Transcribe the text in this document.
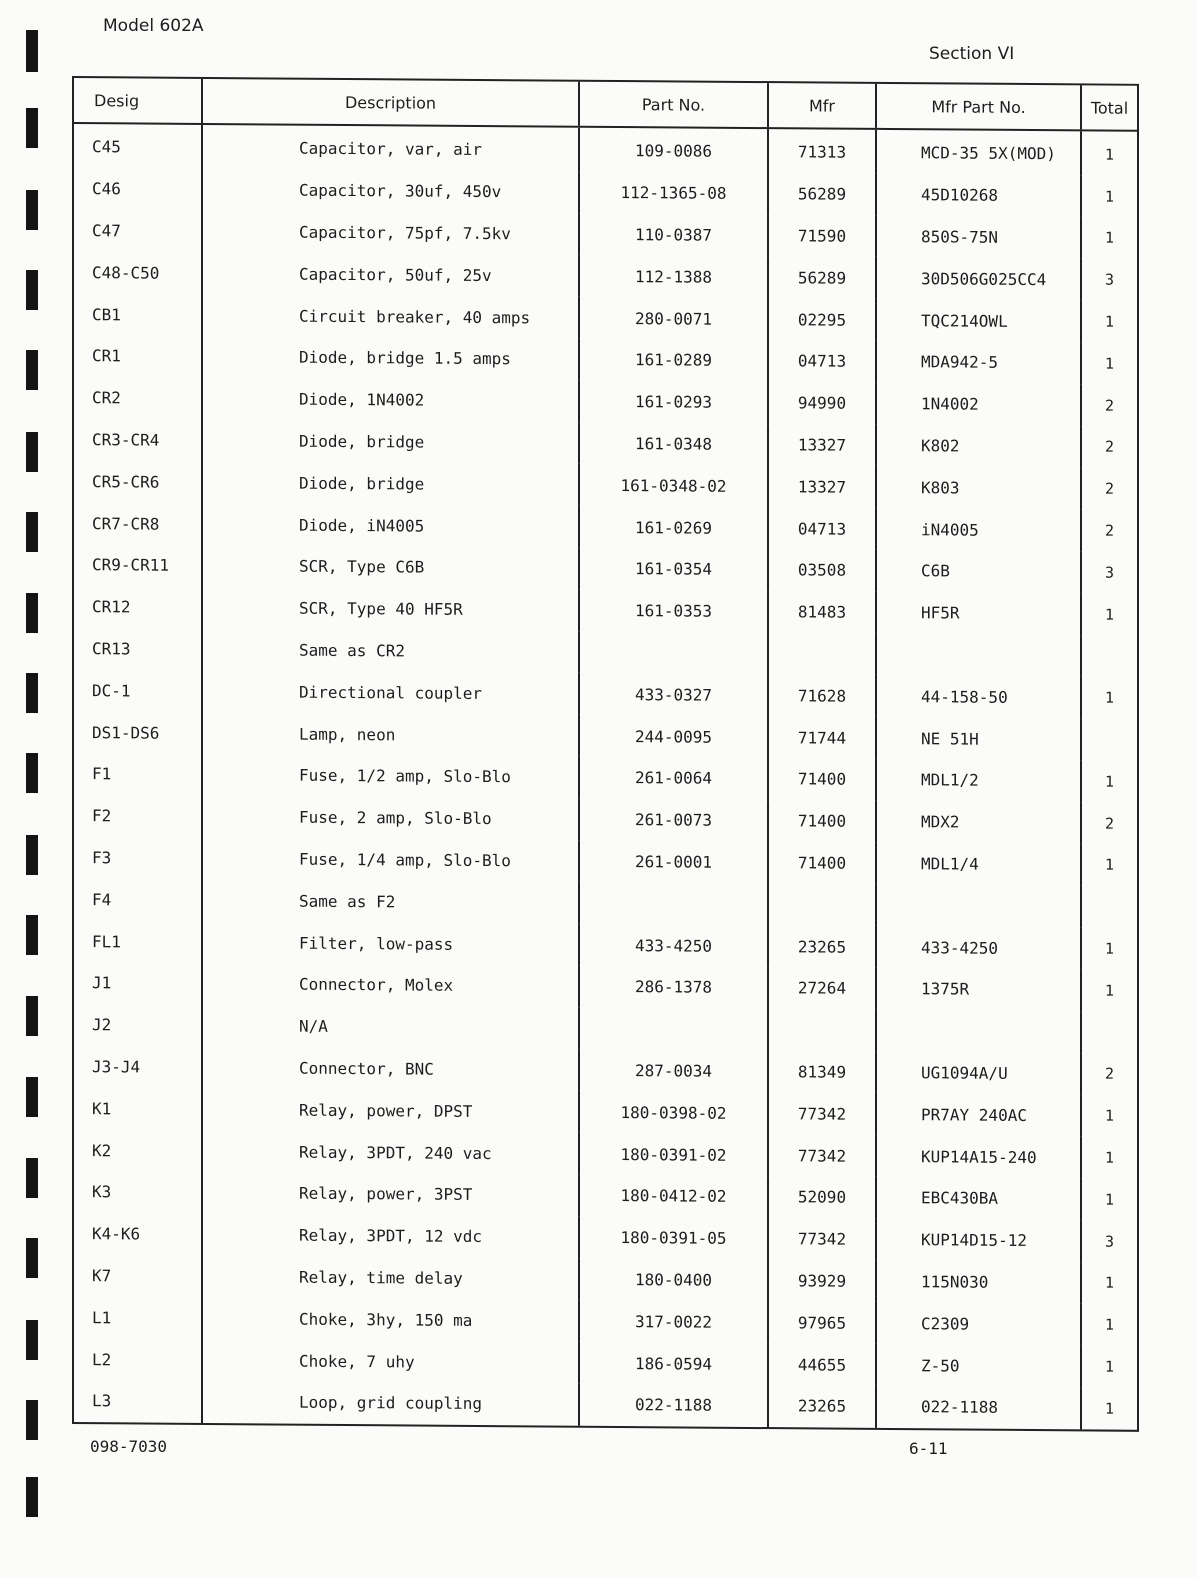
Model 602A
Section VI
Desig	Description	Part No.	Mfr	Mfr Part No.	Total
C45	Capacitor, var, air	109-0086	71313	MCD-35 5X(MOD)	1
C46	Capacitor, 30uf, 450v	112-1365-08	56289	45D10268	1
C47	Capacitor, 75pf, 7.5kv	110-0387	71590	850S-75N	1
C48-C50	Capacitor, 50uf, 25v	112-1388	56289	30D506G025CC4	3
CB1	Circuit breaker, 40 amps	280-0071	02295	TQC214OWL	1
CR1	Diode, bridge 1.5 amps	161-0289	04713	MDA942-5	1
CR2	Diode, 1N4002	161-0293	94990	1N4002	2
CR3-CR4	Diode, bridge	161-0348	13327	K802	2
CR5-CR6	Diode, bridge	161-0348-02	13327	K803	2
CR7-CR8	Diode, iN4005	161-0269	04713	iN4005	2
CR9-CR11	SCR, Type C6B	161-0354	03508	C6B	3
CR12	SCR, Type 40 HF5R	161-0353	81483	HF5R	1
CR13	Same as CR2				
DC-1	Directional coupler	433-0327	71628	44-158-50	1
DS1-DS6	Lamp, neon	244-0095	71744	NE 51H	
F1	Fuse, 1/2 amp, Slo-Blo	261-0064	71400	MDL1/2	1
F2	Fuse, 2 amp, Slo-Blo	261-0073	71400	MDX2	2
F3	Fuse, 1/4 amp, Slo-Blo	261-0001	71400	MDL1/4	1
F4	Same as F2				
FL1	Filter, low-pass	433-4250	23265	433-4250	1
J1	Connector, Molex	286-1378	27264	1375R	1
J2	N/A				
J3-J4	Connector, BNC	287-0034	81349	UG1094A/U	2
K1	Relay, power, DPST	180-0398-02	77342	PR7AY 240AC	1
K2	Relay, 3PDT, 240 vac	180-0391-02	77342	KUP14A15-240	1
K3	Relay, power, 3PST	180-0412-02	52090	EBC430BA	1
K4-K6	Relay, 3PDT, 12 vdc	180-0391-05	77342	KUP14D15-12	3
K7	Relay, time delay	180-0400	93929	115N030	1
L1	Choke, 3hy, 150 ma	317-0022	97965	C2309	1
L2	Choke, 7 uhy	186-0594	44655	Z-50	1
L3	Loop, grid coupling	022-1188	23265	022-1188	1
098-7030	6-11
